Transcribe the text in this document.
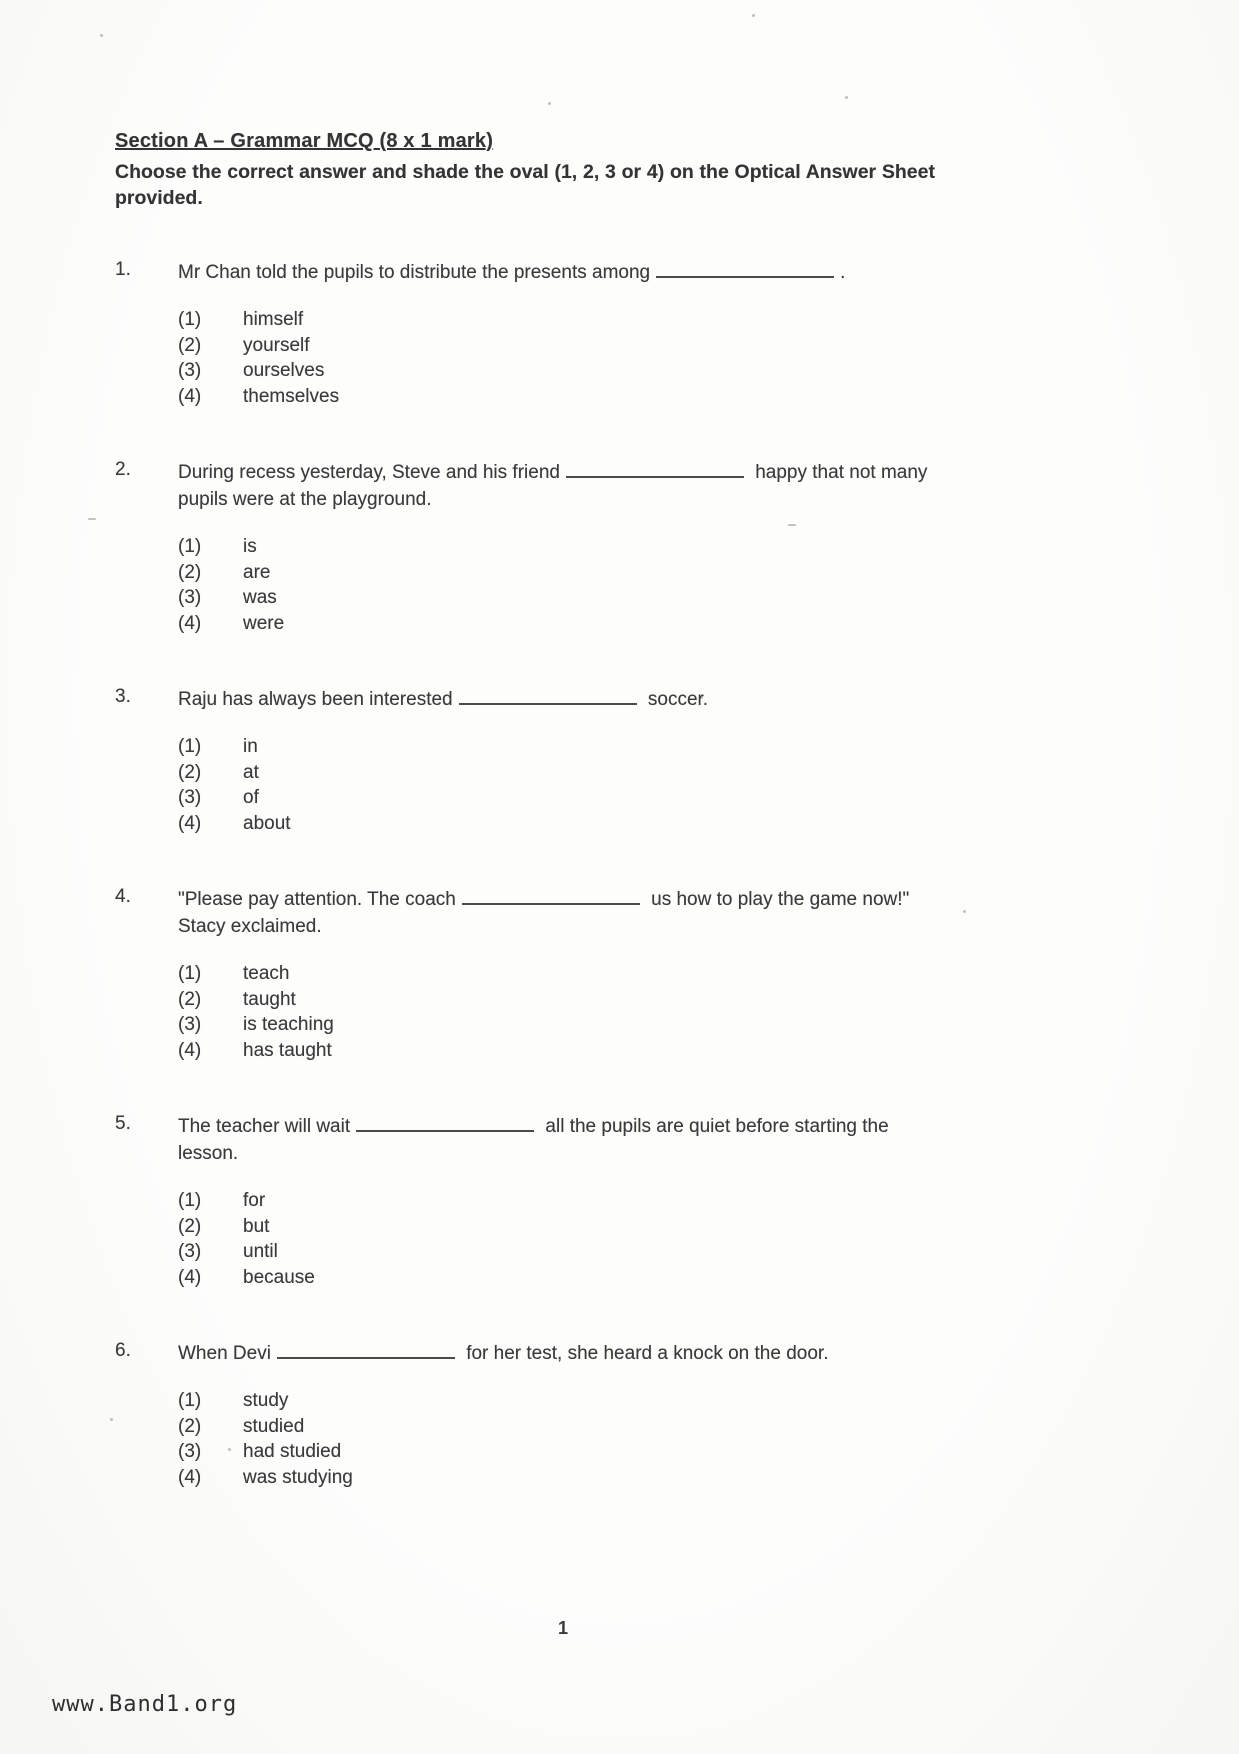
Section A – Grammar MCQ (8 x 1 mark)
Choose the correct answer and shade the oval (1, 2, 3 or 4) on the Optical Answer Sheet provided.
1.	Mr Chan told the pupils to distribute the presents among	.
(1)	himself
(2)	yourself
(3)	ourselves
(4)	themselves
2.	During recess yesterday, Steve and his friend	happy that not many pupils were at the playground.
(1)	is
(2)	are
(3)	was
(4)	were
3.	Raju has always been interested	soccer.
(1)	in
(2)	at
(3)	of
(4)	about
4.	"Please pay attention. The coach	us how to play the game now!" Stacy exclaimed.
(1)	teach
(2)	taught
(3)	is teaching
(4)	has taught
5.	The teacher will wait	all the pupils are quiet before starting the lesson.
(1)	for
(2)	but
(3)	until
(4)	because
6.	When Devi	for her test, she heard a knock on the door.
(1)	study
(2)	studied
(3)	had studied
(4)	was studying
1
www.Band1.org
